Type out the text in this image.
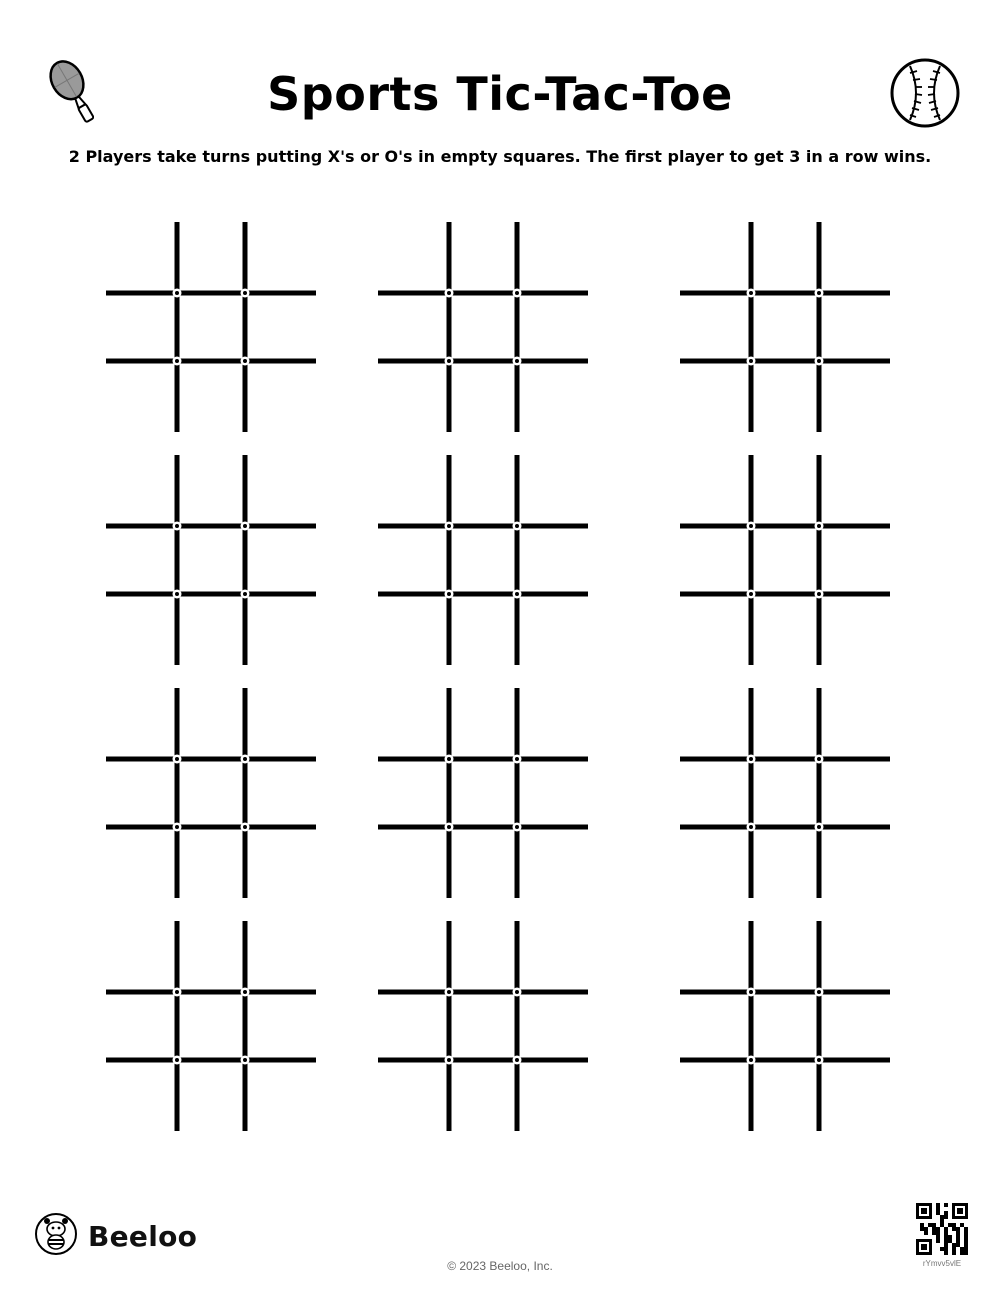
Sports Tic-Tac-Toe
2 Players take turns putting X's or O's in empty squares. The first player to get 3 in a row wins.
Beeloo
© 2023 Beeloo, Inc.	rYmvv5vlE
